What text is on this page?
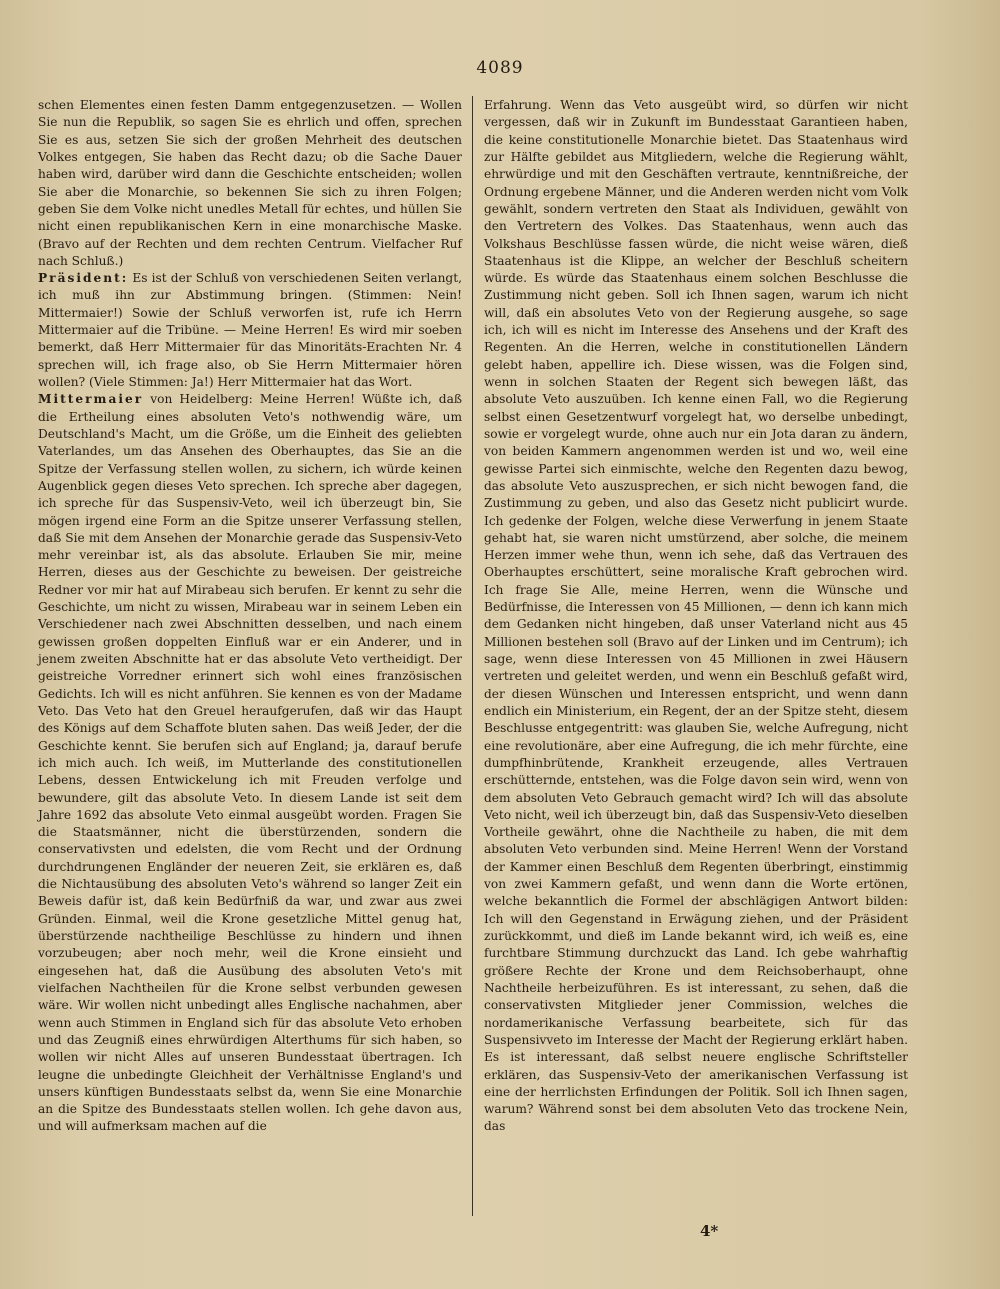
4089

schen Elementes einen festen Damm entgegenzusetzen. — Wollen Sie nun die Republik, so sagen Sie es ehrlich und offen, sprechen Sie es aus, setzen Sie sich der großen Mehrheit des deutschen Volkes entgegen, Sie haben das Recht dazu; ob die Sache Dauer haben wird, darüber wird dann die Geschichte entscheiden; wollen Sie aber die Monarchie, so bekennen Sie sich zu ihren Folgen; geben Sie dem Volke nicht unedles Metall für echtes, und hüllen Sie nicht einen republikanischen Kern in eine monarchische Maske. (Bravo auf der Rechten und dem rechten Centrum. Vielfacher Ruf nach Schluß.)

Präsident: Es ist der Schluß von verschiedenen Seiten verlangt, ich muß ihn zur Abstimmung bringen. (Stimmen: Nein! Mittermaier!) Sowie der Schluß verworfen ist, rufe ich Herrn Mittermaier auf die Tribüne. — Meine Herren! Es wird mir soeben bemerkt, daß Herr Mittermaier für das Minoritäts-Erachten Nr. 4 sprechen will, ich frage also, ob Sie Herrn Mittermaier hören wollen? (Viele Stimmen: Ja!) Herr Mittermaier hat das Wort.

Mittermaier von Heidelberg: Meine Herren! Wüßte ich, daß die Ertheilung eines absoluten Veto's nothwendig wäre, um Deutschland's Macht, um die Größe, um die Einheit des geliebten Vaterlandes, um das Ansehen des Oberhauptes, das Sie an die Spitze der Verfassung stellen wollen, zu sichern, ich würde keinen Augenblick gegen dieses Veto sprechen. Ich spreche aber dagegen, ich spreche für das Suspensiv-Veto, weil ich überzeugt bin, Sie mögen irgend eine Form an die Spitze unserer Verfassung stellen, daß Sie mit dem Ansehen der Monarchie gerade das Suspensiv-Veto mehr vereinbar ist, als das absolute. Erlauben Sie mir, meine Herren, dieses aus der Geschichte zu beweisen. Der geistreiche Redner vor mir hat auf Mirabeau sich berufen. Er kennt zu sehr die Geschichte, um nicht zu wissen, Mirabeau war in seinem Leben ein Verschiedener nach zwei Abschnitten desselben, und nach einem gewissen großen doppelten Einfluß war er ein Anderer, und in jenem zweiten Abschnitte hat er das absolute Veto vertheidigt. Der geistreiche Vorredner erinnert sich wohl eines französischen Gedichts. Ich will es nicht anführen. Sie kennen es von der Madame Veto. Das Veto hat den Greuel heraufgerufen, daß wir das Haupt des Königs auf dem Schaffote bluten sahen. Das weiß Jeder, der die Geschichte kennt. Sie berufen sich auf England; ja, darauf berufe ich mich auch. Ich weiß, im Mutterlande des constitutionellen Lebens, dessen Entwickelung ich mit Freuden verfolge und bewundere, gilt das absolute Veto. In diesem Lande ist seit dem Jahre 1692 das absolute Veto einmal ausgeübt worden. Fragen Sie die Staatsmänner, nicht die überstürzenden, sondern die conservativsten und edelsten, die vom Recht und der Ordnung durchdrungenen Engländer der neueren Zeit, sie erklären es, daß die Nichtausübung des absoluten Veto's während so langer Zeit ein Beweis dafür ist, daß kein Bedürfniß da war, und zwar aus zwei Gründen. Einmal, weil die Krone gesetzliche Mittel genug hat, überstürzende nachtheilige Beschlüsse zu hindern und ihnen vorzubeugen; aber noch mehr, weil die Krone einsieht und eingesehen hat, daß die Ausübung des absoluten Veto's mit vielfachen Nachtheilen für die Krone selbst verbunden gewesen wäre. Wir wollen nicht unbedingt alles Englische nachahmen, aber wenn auch Stimmen in England sich für das absolute Veto erhoben und das Zeugniß eines ehrwürdigen Alterthums für sich haben, so wollen wir nicht Alles auf unseren Bundesstaat übertragen. Ich leugne die unbedingte Gleichheit der Verhältnisse England's und unsers künftigen Bundesstaats selbst da, wenn Sie eine Monarchie an die Spitze des Bundesstaats stellen wollen. Ich gehe davon aus, und will aufmerksam machen auf die

Erfahrung. Wenn das Veto ausgeübt wird, so dürfen wir nicht vergessen, daß wir in Zukunft im Bundesstaat Garantieen haben, die keine constitutionelle Monarchie bietet. Das Staatenhaus wird zur Hälfte gebildet aus Mitgliedern, welche die Regierung wählt, ehrwürdige und mit den Geschäften vertraute, kenntnißreiche, der Ordnung ergebene Männer, und die Anderen werden nicht vom Volk gewählt, sondern vertreten den Staat als Individuen, gewählt von den Vertretern des Volkes. Das Staatenhaus, wenn auch das Volkshaus Beschlüsse fassen würde, die nicht weise wären, dieß Staatenhaus ist die Klippe, an welcher der Beschluß scheitern würde. Es würde das Staatenhaus einem solchen Beschlusse die Zustimmung nicht geben. Soll ich Ihnen sagen, warum ich nicht will, daß ein absolutes Veto von der Regierung ausgehe, so sage ich, ich will es nicht im Interesse des Ansehens und der Kraft des Regenten. An die Herren, welche in constitutionellen Ländern gelebt haben, appellire ich. Diese wissen, was die Folgen sind, wenn in solchen Staaten der Regent sich bewegen läßt, das absolute Veto auszuüben. Ich kenne einen Fall, wo die Regierung selbst einen Gesetzentwurf vorgelegt hat, wo derselbe unbedingt, sowie er vorgelegt wurde, ohne auch nur ein Jota daran zu ändern, von beiden Kammern angenommen werden ist und wo, weil eine gewisse Partei sich einmischte, welche den Regenten dazu bewog, das absolute Veto auszusprechen, er sich nicht bewogen fand, die Zustimmung zu geben, und also das Gesetz nicht publicirt wurde. Ich gedenke der Folgen, welche diese Verwerfung in jenem Staate gehabt hat, sie waren nicht umstürzend, aber solche, die meinem Herzen immer wehe thun, wenn ich sehe, daß das Vertrauen des Oberhauptes erschüttert, seine moralische Kraft gebrochen wird. Ich frage Sie Alle, meine Herren, wenn die Wünsche und Bedürfnisse, die Interessen von 45 Millionen, — denn ich kann mich dem Gedanken nicht hingeben, daß unser Vaterland nicht aus 45 Millionen bestehen soll (Bravo auf der Linken und im Centrum); ich sage, wenn diese Interessen von 45 Millionen in zwei Häusern vertreten und geleitet werden, und wenn ein Beschluß gefaßt wird, der diesen Wünschen und Interessen entspricht, und wenn dann endlich ein Ministerium, ein Regent, der an der Spitze steht, diesem Beschlusse entgegentritt: was glauben Sie, welche Aufregung, nicht eine revolutionäre, aber eine Aufregung, die ich mehr fürchte, eine dumpfhinbrütende, Krankheit erzeugende, alles Vertrauen erschütternde, entstehen, was die Folge davon sein wird, wenn von dem absoluten Veto Gebrauch gemacht wird? Ich will das absolute Veto nicht, weil ich überzeugt bin, daß das Suspensiv-Veto dieselben Vortheile gewährt, ohne die Nachtheile zu haben, die mit dem absoluten Veto verbunden sind. Meine Herren! Wenn der Vorstand der Kammer einen Beschluß dem Regenten überbringt, einstimmig von zwei Kammern gefaßt, und wenn dann die Worte ertönen, welche bekanntlich die Formel der abschlägigen Antwort bilden: Ich will den Gegenstand in Erwägung ziehen, und der Präsident zurückkommt, und dieß im Lande bekannt wird, ich weiß es, eine furchtbare Stimmung durchzuckt das Land. Ich gebe wahrhaftig größere Rechte der Krone und dem Reichsoberhaupt, ohne Nachtheile herbeizuführen. Es ist interessant, zu sehen, daß die conservativsten Mitglieder jener Commission, welches die nordamerikanische Verfassung bearbeitete, sich für das Suspensivveto im Interesse der Macht der Regierung erklärt haben. Es ist interessant, daß selbst neuere englische Schriftsteller erklären, das Suspensiv-Veto der amerikanischen Verfassung ist eine der herrlichsten Erfindungen der Politik. Soll ich Ihnen sagen, warum? Während sonst bei dem absoluten Veto das trockene Nein, das

4*
